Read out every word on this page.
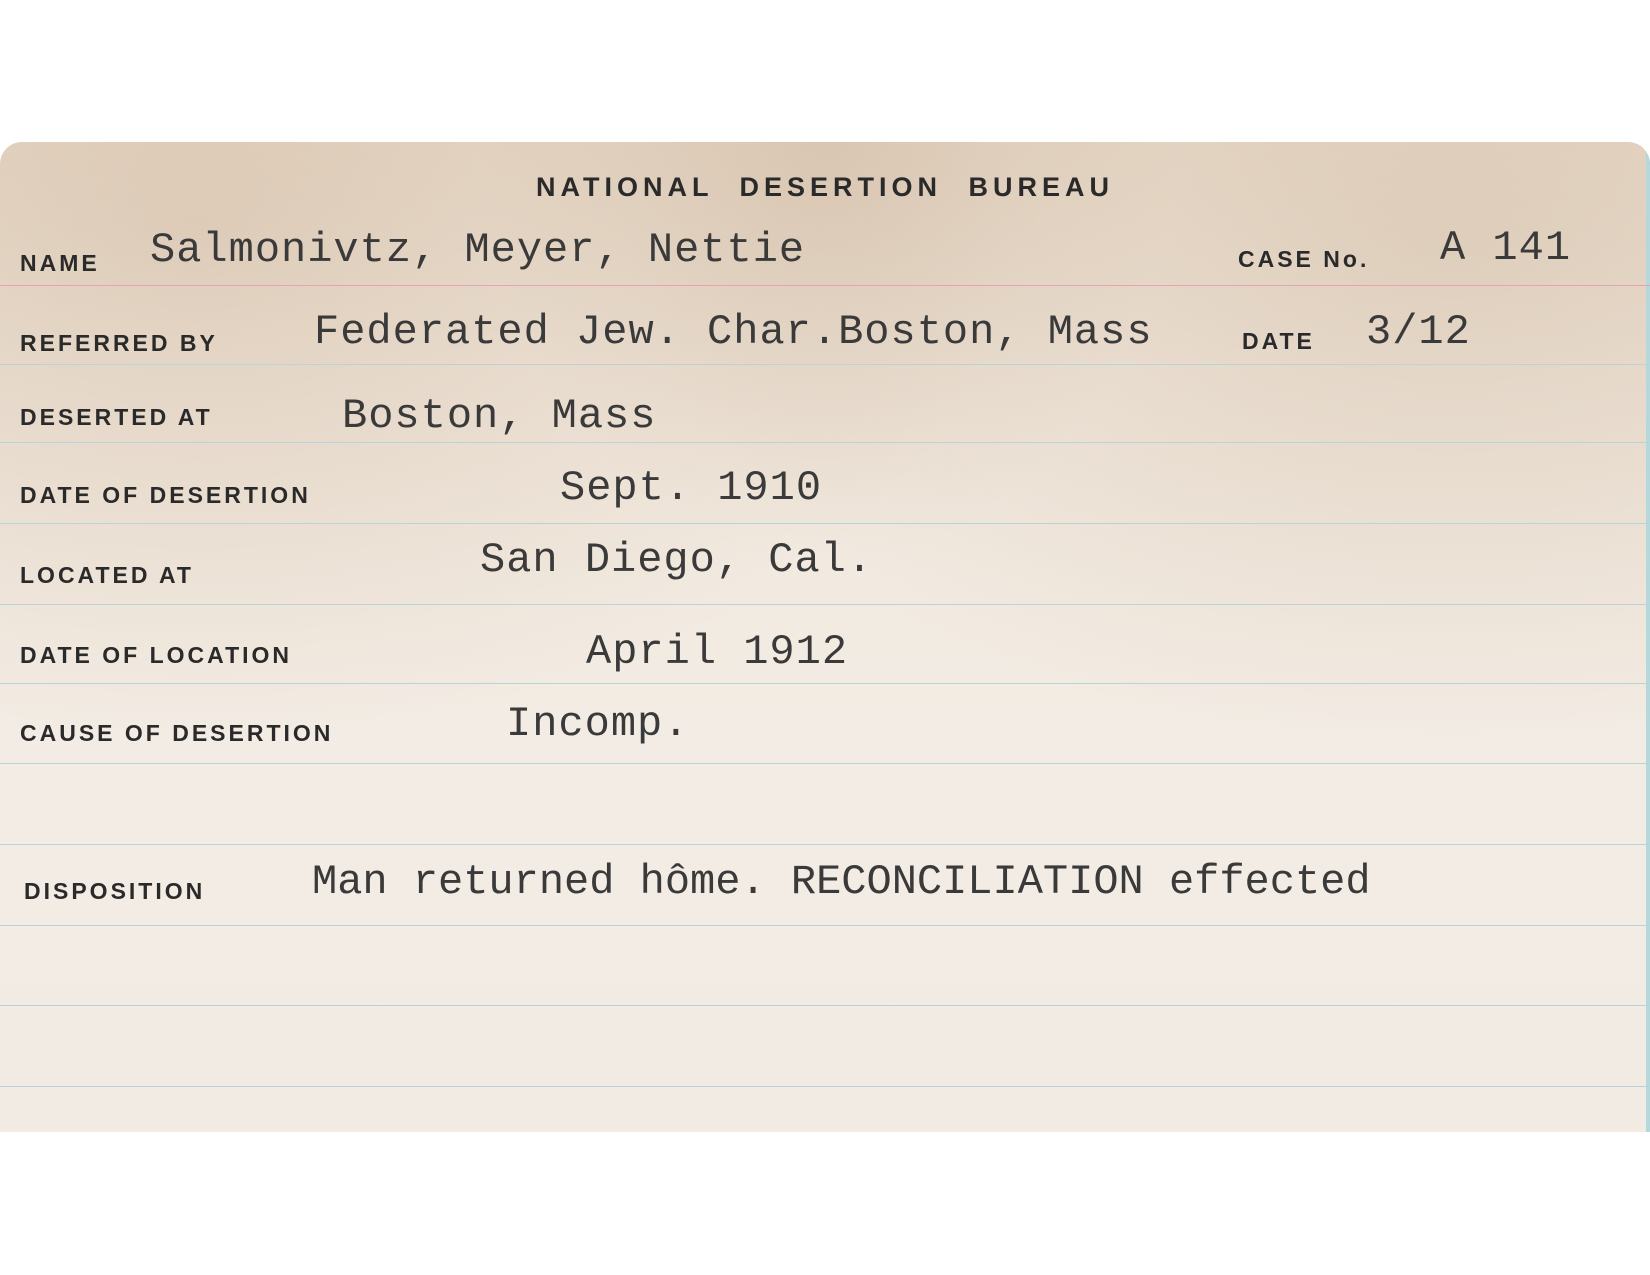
NATIONAL DESERTION BUREAU
NAME Salmonivtz, Meyer, Nettie	CASE No. A 141
REFERRED BY Federated Jew. Char.Boston, Mass	DATE 3/12
DESERTED AT	Boston, Mass
DATE OF DESERTION	Sept. 1910
LOCATED AT	San Diego, Cal.
DATE OF LOCATION	April 1912
CAUSE OF DESERTION	Incomp.
DISPOSITION	Man returned hôme. RECONCILIATION effected
